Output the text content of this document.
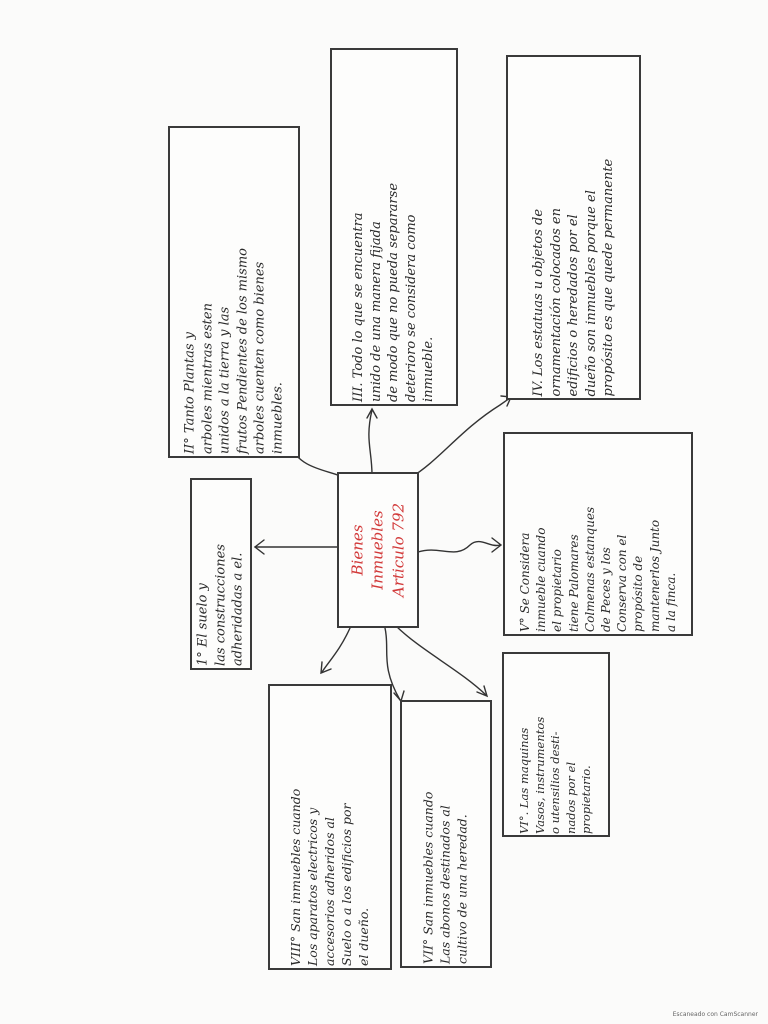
Bienes
Inmuebles
Articulo 792
1° El suelo y
las construcciones
adheridadas a el.
II° Tanto Plantas y
arboles mientras esten
unidos a la tierra y las
frutos Pendientes de los mismo
arboles cuenten como bienes
inmuebles.	III. Todo lo que se encuentra
unido de una manera fijada
de modo que no pueda separarse
deterioro se considera como
inmueble.	IV. Los estatuas u objetos de
ornamentación colocados en
edificios o heredados por el
dueño son inmuebles porque el
propósito es que quede permanente
V° Se Considera
inmueble cuando
el propietario
tiene Palomares
Colmenas estanques
de Peces y los
Conserva con el
propósito de
mantenerlos Junto
a la finca.
VI°. Las maquinas
Vasos, instrumentos
o utensilios desti-
nados por el
propietario.
VII° San inmuebles cuando
Las abonos destinados al
cultivo de una heredad.
VIII° San inmuebles cuando
Los aparatos electricos y
accesorios adheridos al
Suelo o a los edificios por
el dueño.
Escaneado con CamScanner
